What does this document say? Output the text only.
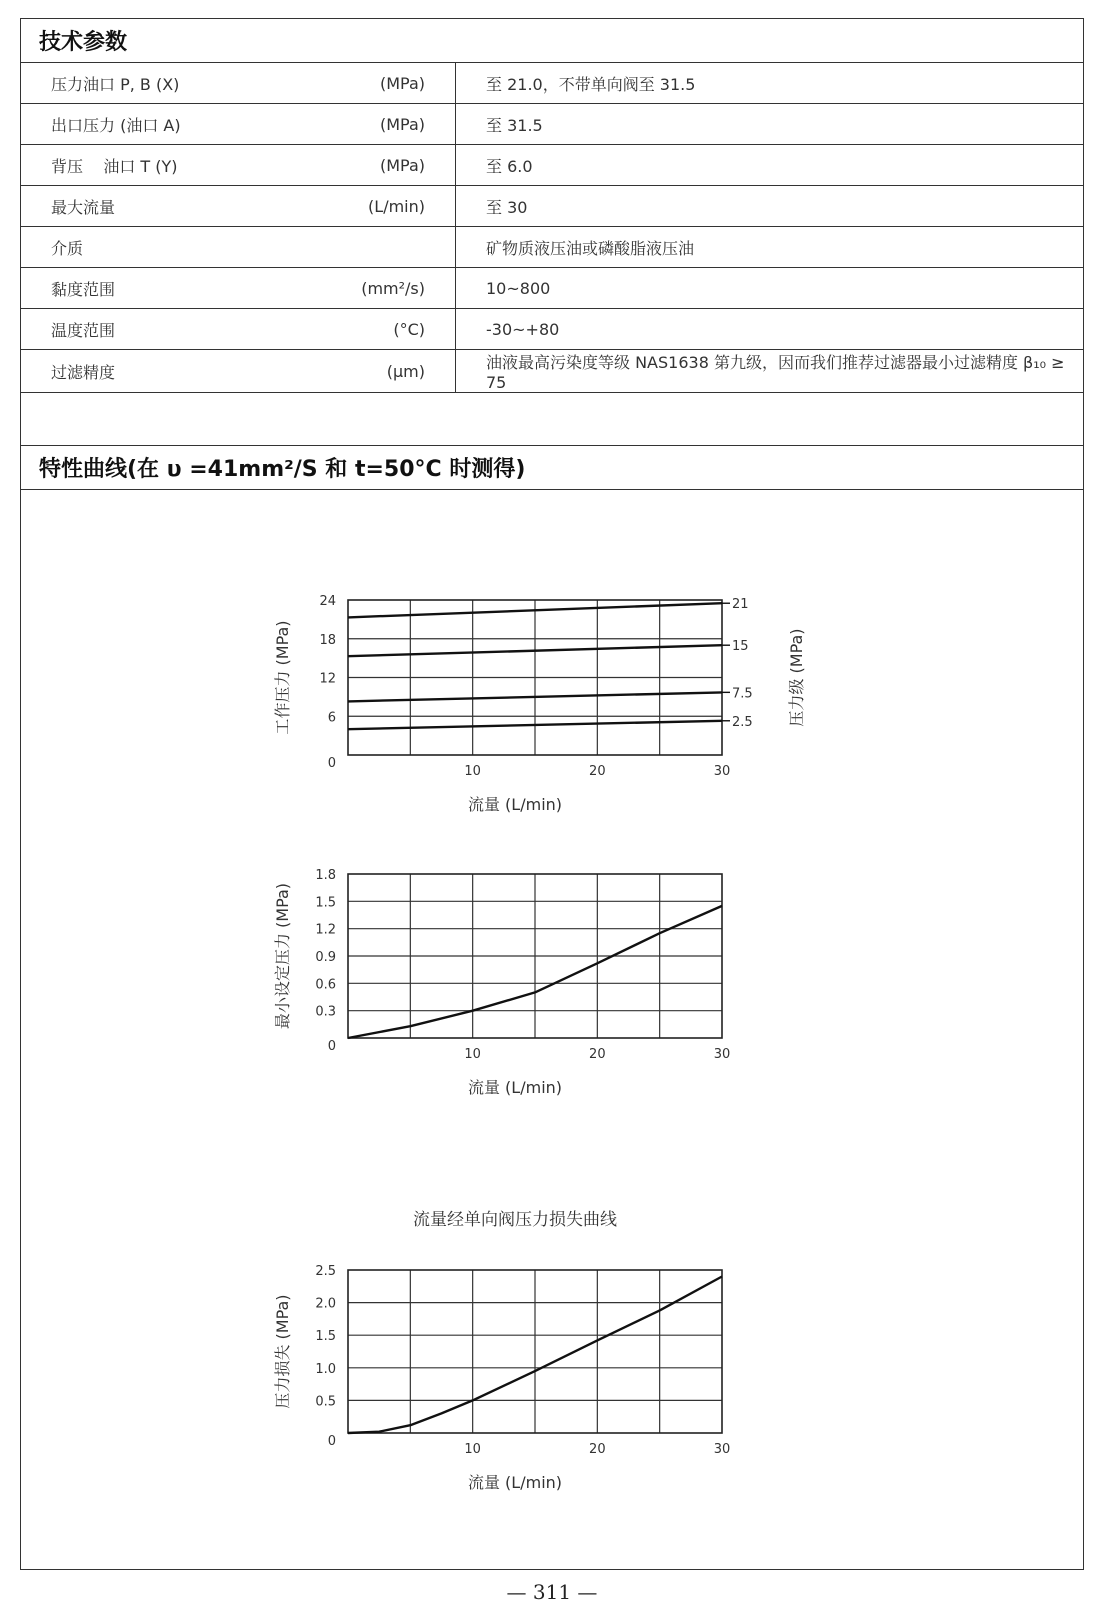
技术参数
压力油口 P, B (X)	(MPa)	至 21.0，不带单向阀至 31.5
出口压力 (油口 A)	(MPa)	至 31.5
背压    油口 T (Y)	(MPa)	至 6.0
最大流量	(L/min)	至 30
介质		矿物质液压油或磷酸脂液压油
黏度范围	(mm²/s)	10~800
温度范围	(°C)	-30~+80
过滤精度	(μm)	油液最高污染度等级 NAS1638 第九级，因而我们推荐过滤器最小过滤精度 β₁₀ ≥ 75
特性曲线(在 υ =41mm²/S 和 t=50°C 时测得)
0
6
12
18
24
10	20	30
21
15
7.5
2.5
工作压力 (MPa)	压力级 (MPa)
流量 (L/min)
0
0.3
0.6
0.9
1.2
1.5
1.8
10	20	30
最小设定压力 (MPa)
流量 (L/min)
0
0.5
1.0
1.5
2.0
2.5
10	20	30
压力损失 (MPa)
流量 (L/min)
流量经单向阀压力损失曲线
— 311 —
